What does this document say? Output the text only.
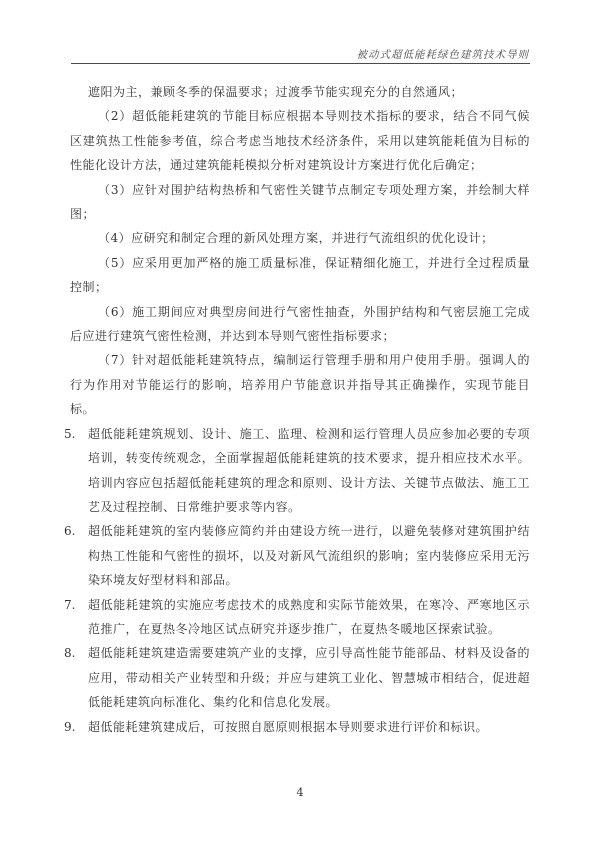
被动式超低能耗绿色建筑技术导则

遮阳为主，兼顾冬季的保温要求；过渡季节能实现充分的自然通风；

（2）超低能耗建筑的节能目标应根据本导则技术指标的要求，结合不同气候区建筑热工性能参考值，综合考虑当地技术经济条件，采用以建筑能耗值为目标的性能化设计方法，通过建筑能耗模拟分析对建筑设计方案进行优化后确定；

（3）应针对围护结构热桥和气密性关键节点制定专项处理方案，并绘制大样图；

（4）应研究和制定合理的新风处理方案，并进行气流组织的优化设计；

（5）应采用更加严格的施工质量标准，保证精细化施工，并进行全过程质量控制；

（6）施工期间应对典型房间进行气密性抽查，外围护结构和气密层施工完成后应进行建筑气密性检测，并达到本导则气密性指标要求；

（7）针对超低能耗建筑特点，编制运行管理手册和用户使用手册。强调人的行为作用对节能运行的影响，培养用户节能意识并指导其正确操作，实现节能目标。

5. 超低能耗建筑规划、设计、施工、监理、检测和运行管理人员应参加必要的专项培训，转变传统观念，全面掌握超低能耗建筑的技术要求，提升相应技术水平。培训内容应包括超低能耗建筑的理念和原则、设计方法、关键节点做法、施工工艺及过程控制、日常维护要求等内容。
6. 超低能耗建筑的室内装修应简约并由建设方统一进行，以避免装修对建筑围护结构热工性能和气密性的损坏，以及对新风气流组织的影响；室内装修应采用无污染环境友好型材料和部品。
7. 超低能耗建筑的实施应考虑技术的成熟度和实际节能效果，在寒冷、严寒地区示范推广，在夏热冬冷地区试点研究并逐步推广，在夏热冬暖地区探索试验。
8. 超低能耗建筑建造需要建筑产业的支撑，应引导高性能节能部品、材料及设备的应用，带动相关产业转型和升级；并应与建筑工业化、智慧城市相结合，促进超低能耗建筑向标准化、集约化和信息化发展。
9. 超低能耗建筑建成后，可按照自愿原则根据本导则要求进行评价和标识。
4
